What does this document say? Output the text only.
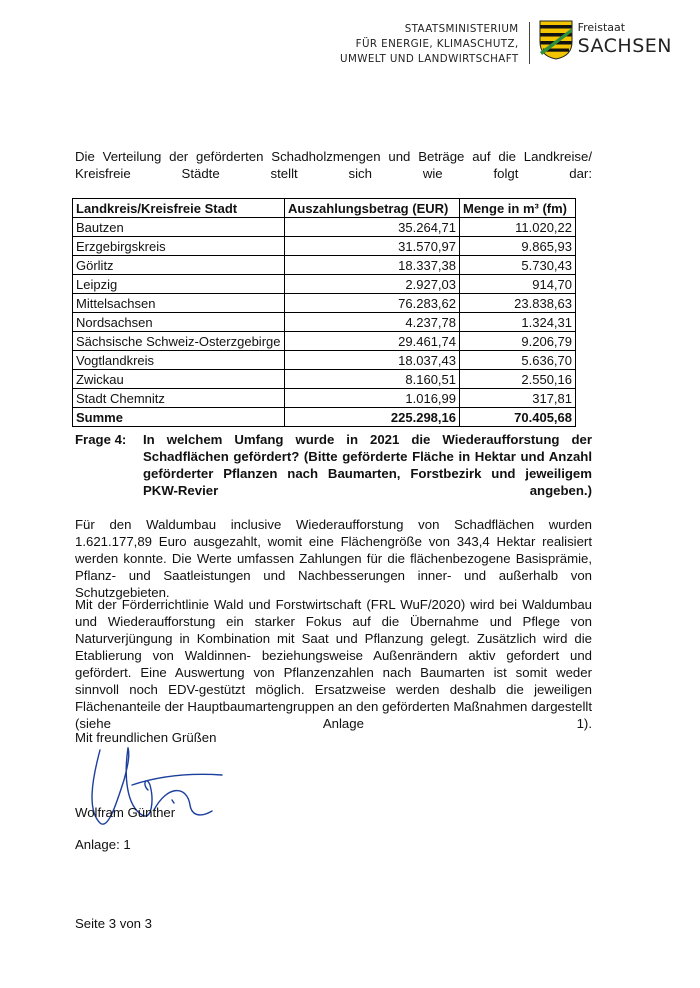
STAATSMINISTERIUM
FÜR ENERGIE, KLIMASCHUTZ,
UMWELT UND LANDWIRTSCHAFT
Freistaat
SACHSEN
Die Verteilung der geförderten Schadholzmengen und Beträge auf die Landkreise/ Kreisfreie Städte stellt sich wie folgt dar:
Landkreis/Kreisfreie Stadt	Auszahlungsbetrag (EUR)	Menge in m³ (fm)
Bautzen	35.264,71	11.020,22
Erzgebirgskreis	31.570,97	9.865,93
Görlitz	18.337,38	5.730,43
Leipzig	2.927,03	914,70
Mittelsachsen	76.283,62	23.838,63
Nordsachsen	4.237,78	1.324,31
Sächsische Schweiz-Osterzgebirge	29.461,74	9.206,79
Vogtlandkreis	18.037,43	5.636,70
Zwickau	8.160,51	2.550,16
Stadt Chemnitz	1.016,99	317,81
Summe	225.298,16	70.405,68
Frage 4:	In welchem Umfang wurde in 2021 die Wiederaufforstung der Schadflächen gefördert? (Bitte geförderte Fläche in Hektar und Anzahl geförderter Pflanzen nach Baumarten, Forstbezirk und jeweiligem PKW-Revier angeben.)
Für den Waldumbau inclusive Wiederaufforstung von Schadflächen wurden 1.621.177,89 Euro ausgezahlt, womit eine Flächengröße von 343,4 Hektar realisiert werden konnte. Die Werte umfassen Zahlungen für die flächenbezogene Basisprämie, Pflanz- und Saatleistungen und Nachbesserungen inner- und außerhalb von Schutzgebieten.
Mit der Förderrichtlinie Wald und Forstwirtschaft (FRL WuF/2020) wird bei Waldumbau und Wiederaufforstung ein starker Fokus auf die Übernahme und Pflege von Naturverjüngung in Kombination mit Saat und Pflanzung gelegt. Zusätzlich wird die Etablierung von Waldinnen- beziehungsweise Außenrändern aktiv gefordert und gefördert. Eine Auswertung von Pflanzenzahlen nach Baumarten ist somit weder sinnvoll noch EDV-gestützt möglich. Ersatzweise werden deshalb die jeweiligen Flächenanteile der Hauptbaumartengruppen an den geförderten Maßnahmen dargestellt (siehe Anlage 1).
Mit freundlichen Grüßen
Wolfram Günther
Anlage: 1
Seite 3 von 3
